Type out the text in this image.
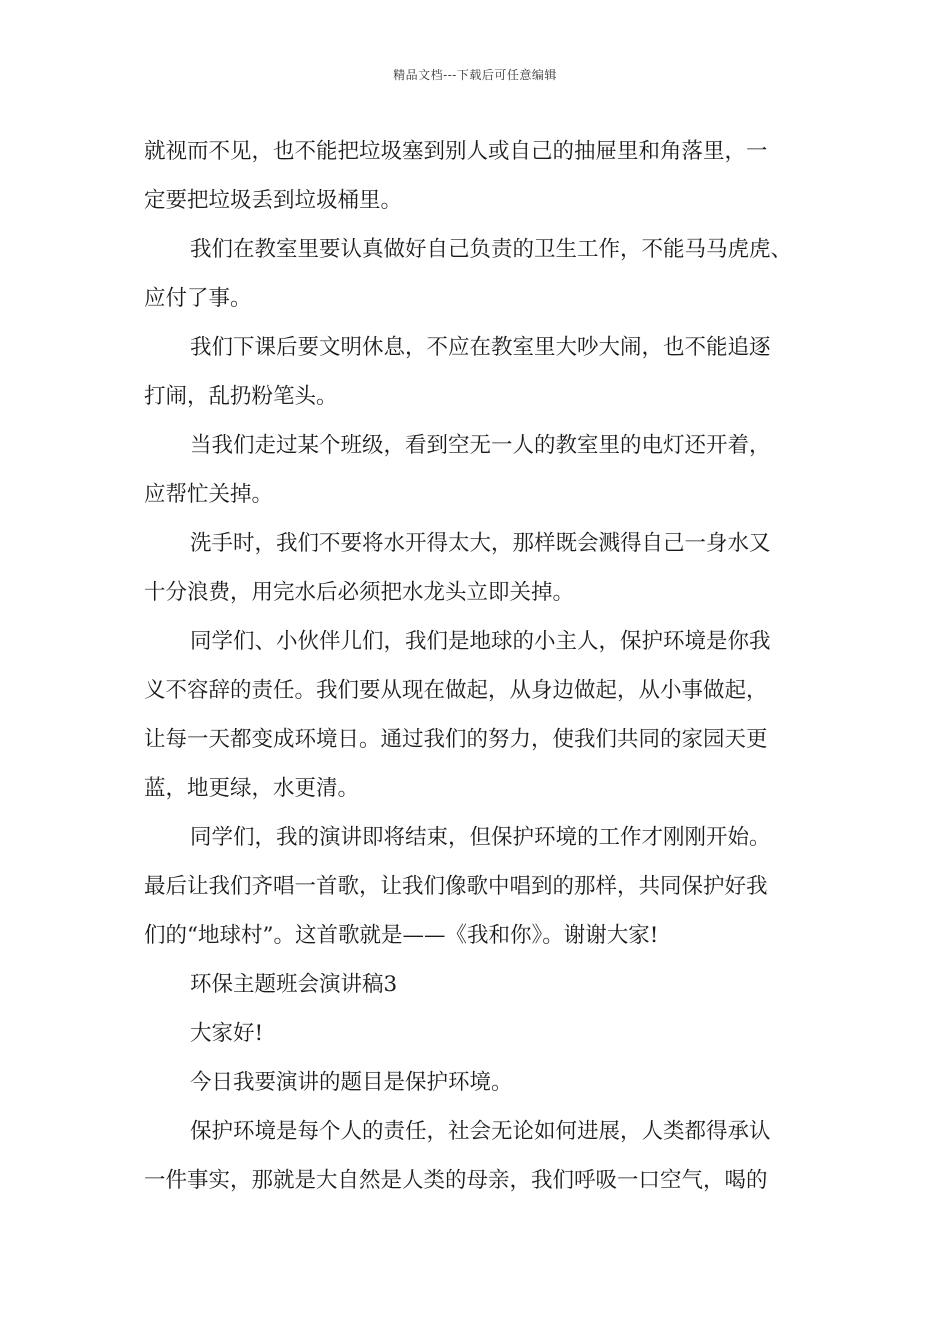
精品文档---下载后可任意编辑

就视而不见，也不能把垃圾塞到别人或自己的抽屉里和角落里，一

定要把垃圾丢到垃圾桶里。

我们在教室里要认真做好自己负责的卫生工作，不能马马虎虎、

应付了事。

我们下课后要文明休息，不应在教室里大吵大闹，也不能追逐

打闹，乱扔粉笔头。

当我们走过某个班级，看到空无一人的教室里的电灯还开着，

应帮忙关掉。

洗手时，我们不要将水开得太大，那样既会溅得自己一身水又

十分浪费，用完水后必须把水龙头立即关掉。

同学们、小伙伴儿们，我们是地球的小主人，保护环境是你我

义不容辞的责任。我们要从现在做起，从身边做起，从小事做起，

让每一天都变成环境日。通过我们的努力，使我们共同的家园天更

蓝，地更绿，水更清。

同学们，我的演讲即将结束，但保护环境的工作才刚刚开始。

最后让我们齐唱一首歌，让我们像歌中唱到的那样，共同保护好我

们的“地球村”。这首歌就是——《我和你》。谢谢大家!

环保主题班会演讲稿3

大家好!

今日我要演讲的题目是保护环境。

保护环境是每个人的责任，社会无论如何进展，人类都得承认

一件事实，那就是大自然是人类的母亲，我们呼吸一口空气，喝的
